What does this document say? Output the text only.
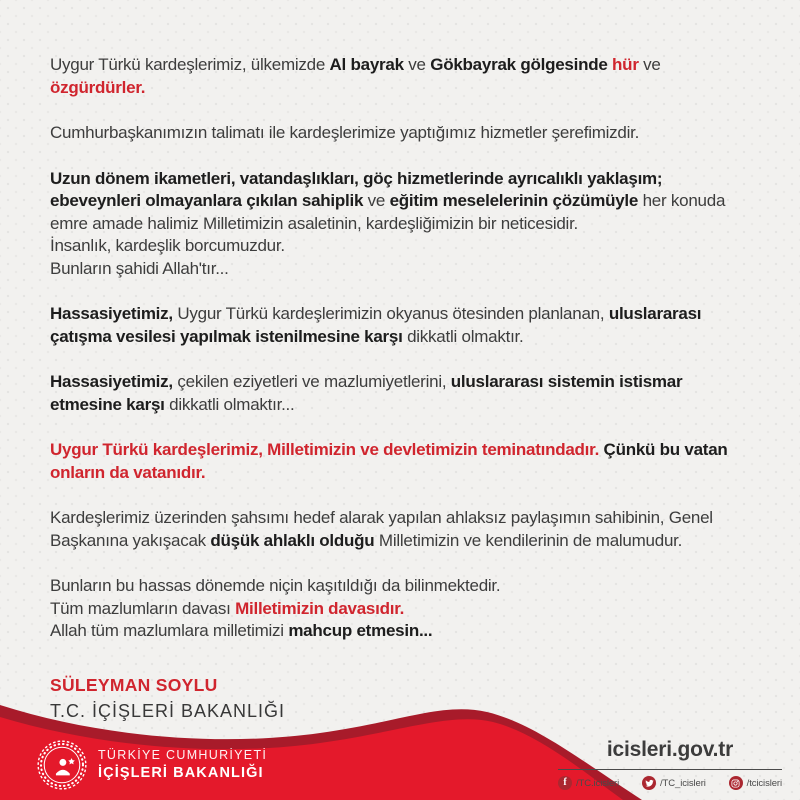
Uygur Türkü kardeşlerimiz, ülkemizde Al bayrak ve Gökbayrak gölgesinde hür ve özgürdürler.
Cumhurbaşkanımızın talimatı ile kardeşlerimize yaptığımız hizmetler şerefimizdir.
Uzun dönem ikametleri, vatandaşlıkları, göç hizmetlerinde ayrıcalıklı yaklaşım; ebeveynleri olmayanlara çıkılan sahiplik ve eğitim meselelerinin çözümüyle her konuda emre amade halimiz Milletimizin asaletinin, kardeşliğimizin bir neticesidir.
İnsanlık, kardeşlik borcumuzdur.
Bunların şahidi Allah'tır...
Hassasiyetimiz, Uygur Türkü kardeşlerimizin okyanus ötesinden planlanan, uluslararası çatışma vesilesi yapılmak istenilmesine karşı dikkatli olmaktır.
Hassasiyetimiz, çekilen eziyetleri ve mazlumiyetlerini, uluslararası sistemin istismar etmesine karşı dikkatli olmaktır...
Uygur Türkü kardeşlerimiz, Milletimizin ve devletimizin teminatındadır. Çünkü bu vatan onların da vatanıdır.
Kardeşlerimiz üzerinden şahsımı hedef alarak yapılan ahlaksız paylaşımın sahibinin, Genel Başkanına yakışacak düşük ahlaklı olduğu Milletimizin ve kendilerinin de malumudur.
Bunların bu hassas dönemde niçin kaşıtıldığı da bilinmektedir.
Tüm mazlumların davası Milletimizin davasıdır.
Allah tüm mazlumlara milletimizi mahcup etmesin...
SÜLEYMAN SOYLU
T.C. İÇİŞLERİ BAKANLIĞI
TÜRKİYE CUMHURİYETİ
İÇİŞLERİ BAKANLIĞI
icisleri.gov.tr
f /TC.icisleri	/TC_icisleri	/tcicisleri
